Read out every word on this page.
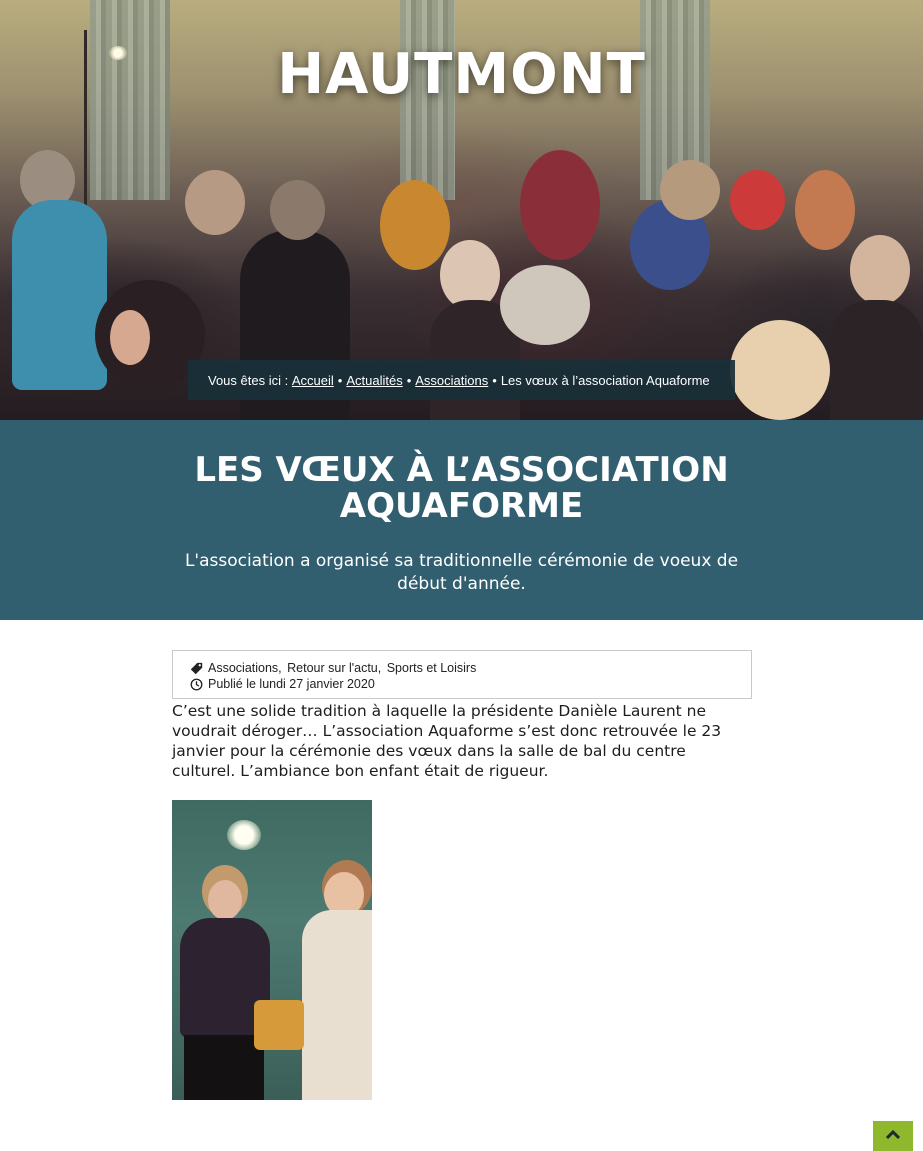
HAUTMONT
Vous êtes ici :
Accueil • Actualités • Associations • Les vœux à l’association Aquaforme
LES VŒUX À L’ASSOCIATION AQUAFORME

L'association a organisé sa traditionnelle cérémonie de voeux de début d'année.

Associations,
Retour sur l'actu,
Sports et Loisirs
Publié le lundi 27 janvier 2020
C’est une solide tradition à laquelle la présidente Danièle Laurent ne voudrait déroger… L’association Aquaforme s’est donc retrouvée le 23 janvier pour la cérémonie des vœux dans la salle de bal du centre culturel. L’ambiance bon enfant était de rigueur.
